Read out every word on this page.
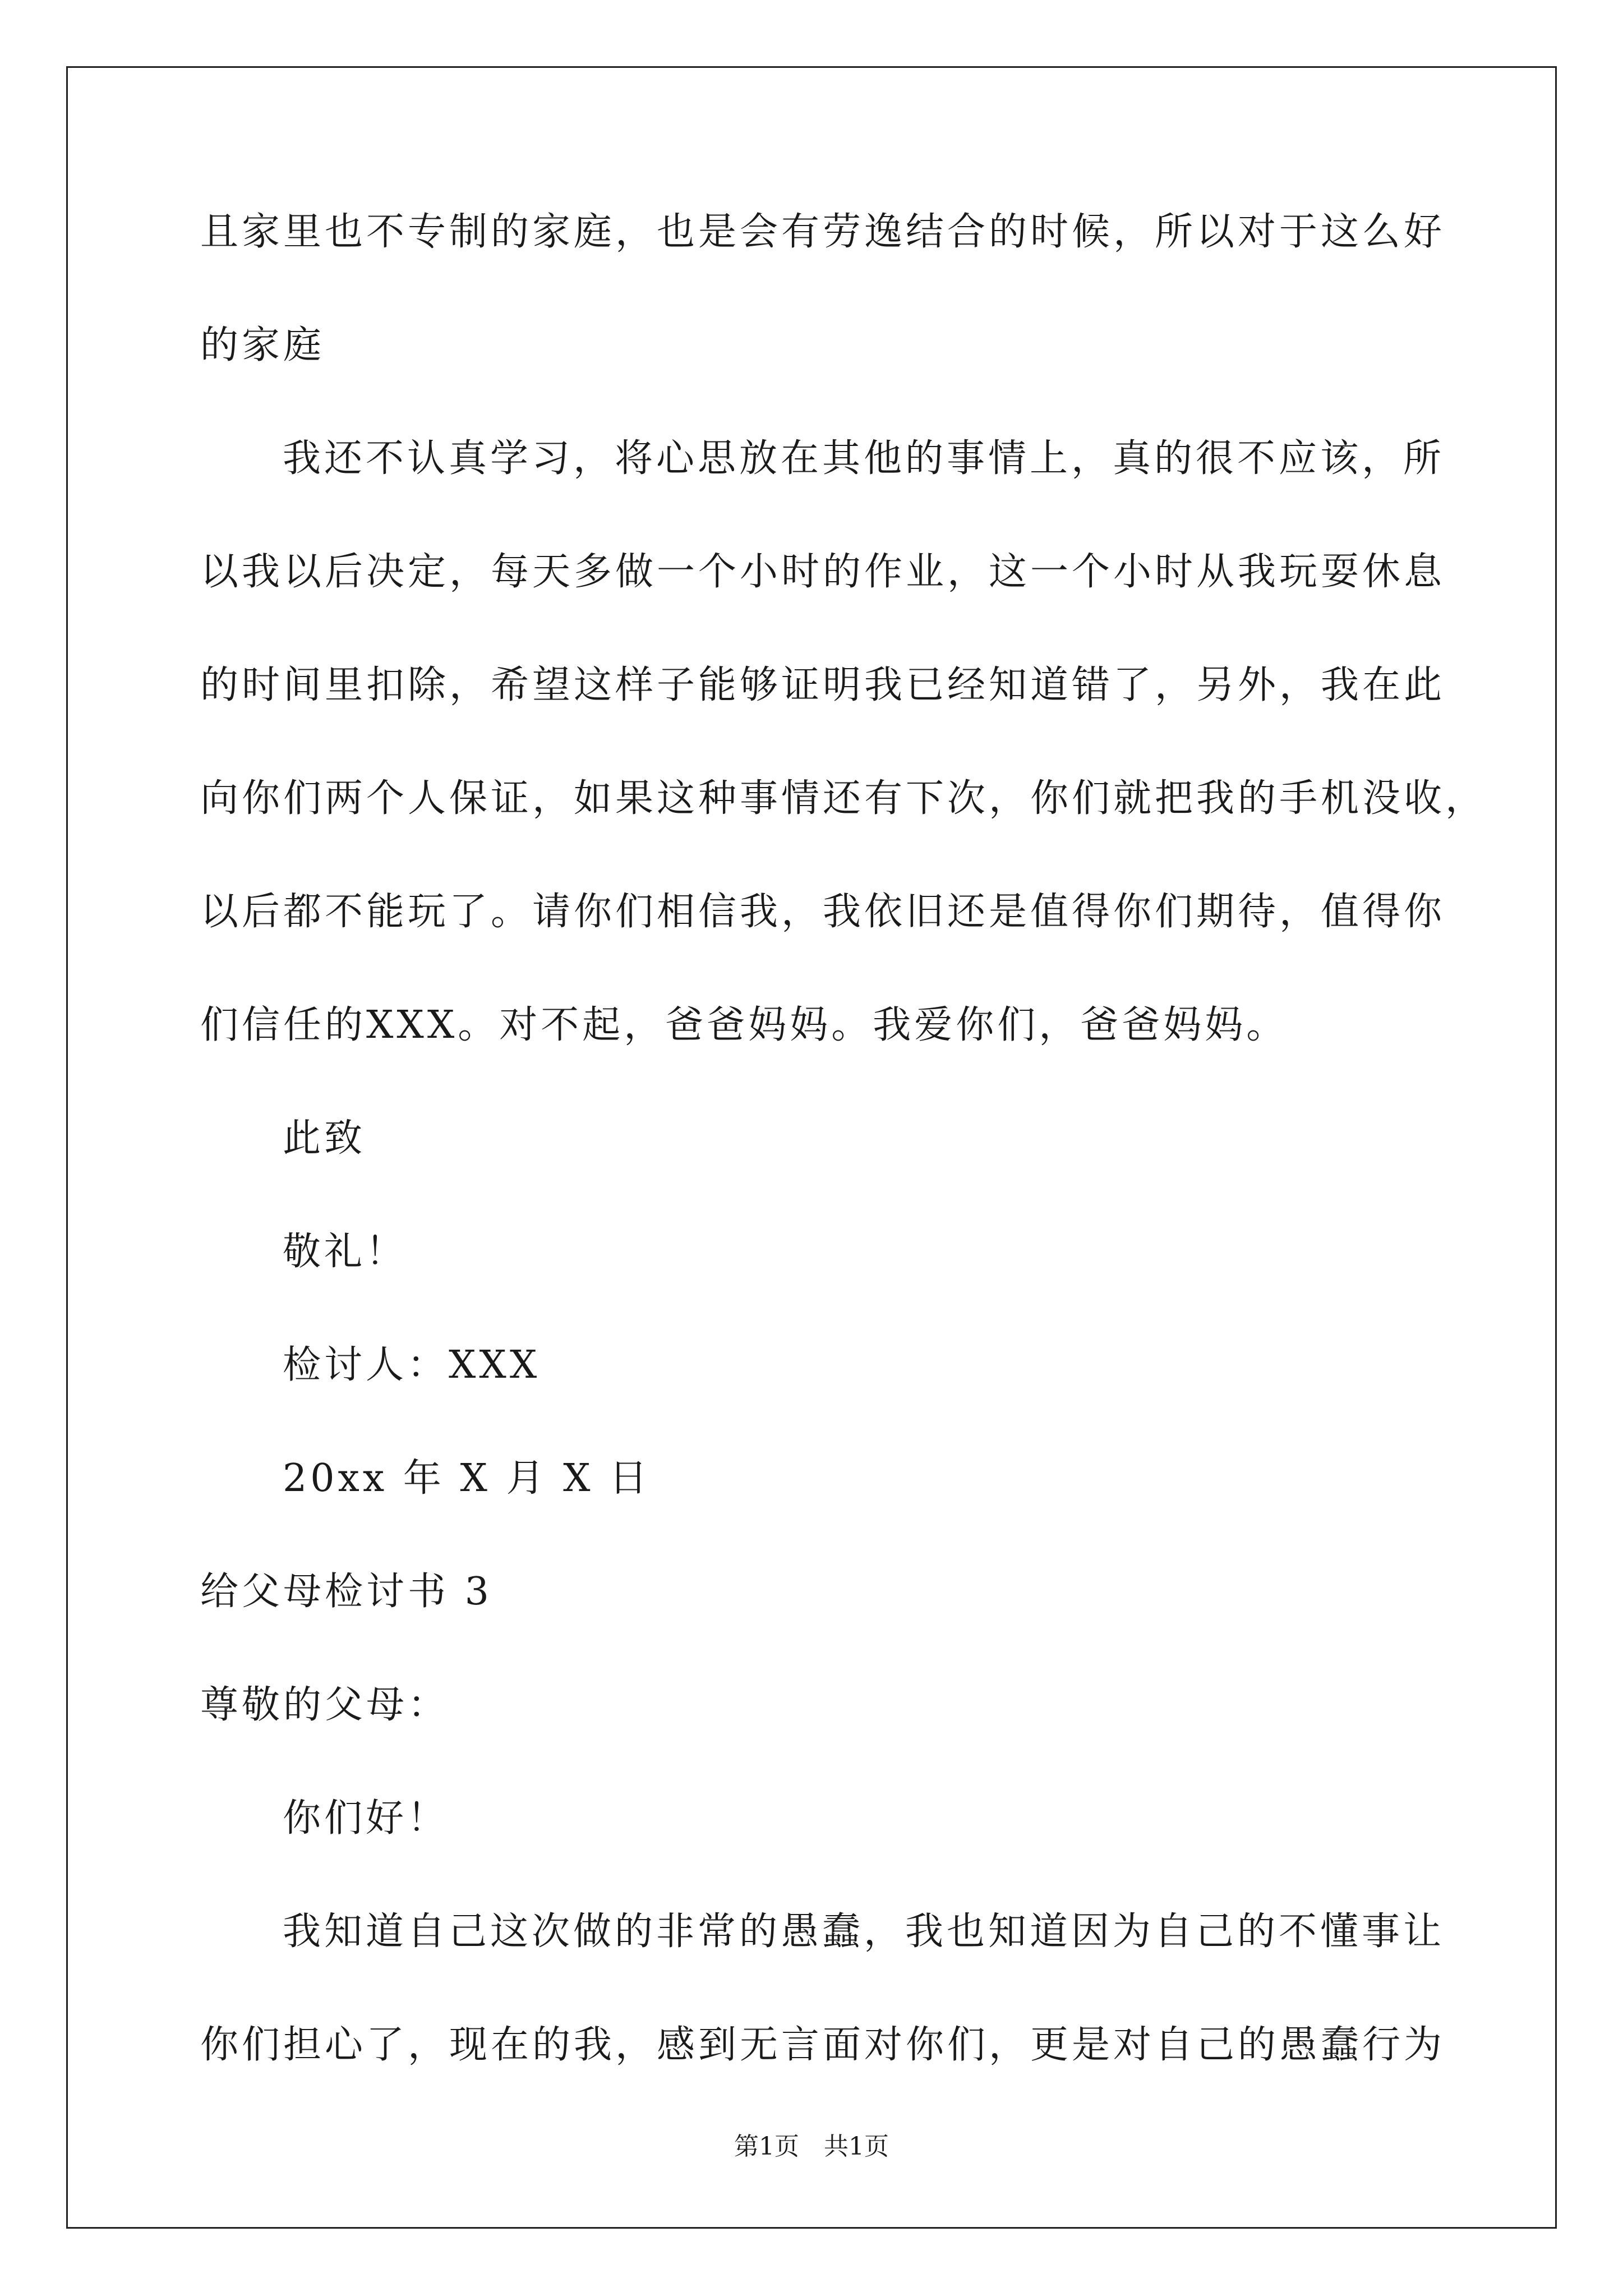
且家里也不专制的家庭，也是会有劳逸结合的时候，所以对于这么好
的家庭
我还不认真学习，将心思放在其他的事情上，真的很不应该，所
以我以后决定，每天多做一个小时的作业，这一个小时从我玩耍休息
的时间里扣除，希望这样子能够证明我已经知道错了，另外，我在此
向你们两个人保证，如果这种事情还有下次，你们就把我的手机没收，
以后都不能玩了。请你们相信我，我依旧还是值得你们期待，值得你
们信任的XXX。对不起，爸爸妈妈。我爱你们，爸爸妈妈。
此致
敬礼！
检讨人：XXX
20xx 年 X 月 X 日
给父母检讨书 3
尊敬的父母：
你们好！
我知道自己这次做的非常的愚蠢，我也知道因为自己的不懂事让
你们担心了，现在的我，感到无言面对你们，更是对自己的愚蠢行为
第1页 共1页
